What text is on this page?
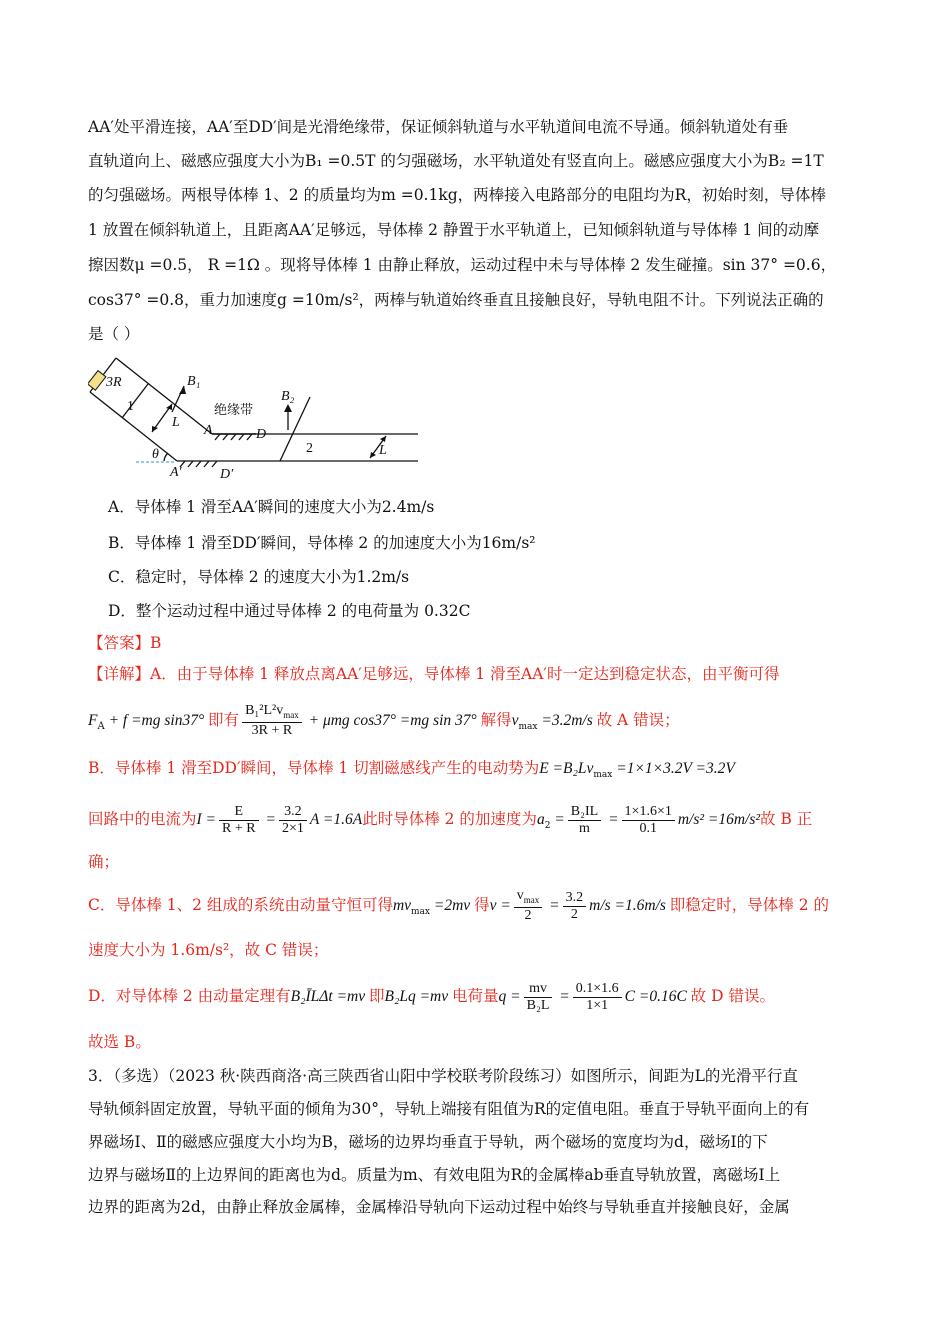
AA′处平滑连接，AA′至DD′间是光滑绝缘带，保证倾斜轨道与水平轨道间电流不导通。倾斜轨道处有垂
直轨道向上、磁感应强度大小为B₁ =0.5T 的匀强磁场，水平轨道处有竖直向上。磁感应强度大小为B₂ =1T
的匀强磁场。两根导体棒 1、2 的质量均为m =0.1kg，两棒接入电路部分的电阻均为R，初始时刻，导体棒
1 放置在倾斜轨道上，且距离AA′足够远，导体棒 2 静置于水平轨道上，已知倾斜轨道与导体棒 1 间的动摩
擦因数μ =0.5， R =1Ω 。现将导体棒 1 由静止释放，运动过程中未与导体棒 2 发生碰撞。sin 37° =0.6，
cos37° =0.8，重力加速度g =10m/s²，两棒与轨道始终垂直且接触良好，导轨电阻不计。下列说法正确的
是（ ）
3R
1
B₁
B₂
绝缘带
L
A	D
2	L
θ
A′	D′
A．导体棒 1 滑至AA′瞬间的速度大小为2.4m/s
B．导体棒 1 滑至DD′瞬间，导体棒 2 的加速度大小为16m/s²
C．稳定时，导体棒 2 的速度大小为1.2m/s
D．整个运动过程中通过导体棒 2 的电荷量为 0.32C
【答案】B
【详解】A．由于导体棒 1 释放点离AA′足够远，导体棒 1 滑至AA′时一定达到稳定状态，由平衡可得
$F_A + f =mg$ sin37° 即有 $\frac{B_1^2L^2v_{max}}{3R + R} + \mu mg$ cos37° =mg sin 37° 解得$v_{max} =3.2m/s$ 故 A 错误；
B．导体棒 1 滑至DD′瞬间，导体棒 1 切割磁感线产生的电动势为$E =B_2Lv_{max} =1\times 1\times 3.2V =3.2V$
回路中的电流为$I = \frac{E}{R + R} = \frac{3.2}{2\times 1}$ A =1.6A此时导体棒 2 的加速度为$a_2 = \frac{\text{B₂IL}}{m} = \frac{1\times 1.6\times 1}{0.1} m/s^2 =16m/s^2$故 B 正
确；
C．导体棒 1、2 组成的系统由动量守恒可得$mv_{max} =2mv$ 得$v = \frac{v_{max}}{2} = \frac{3.2}{2} m/s =1.6m/s$ 即稳定时，导体棒 2 的
速度大小为 1.6m/s²，故 C 错误；
D．对导体棒 2 由动量定理有B₂ĪLΔt =mv 即B₂Lq =mv 电荷量$q = \frac{mv}{\text{B₂L}} = \frac{0.1\times 1.6}{1\times 1}$ C =0.16C 故 D 错误。
故选 B。
3．（多选）（2023 秋·陕西商洛·高三陕西省山阳中学校联考阶段练习）如图所示，间距为L的光滑平行直
导轨倾斜固定放置，导轨平面的倾角为30°，导轨上端接有阻值为R的定值电阻。垂直于导轨平面向上的有
界磁场Ⅰ、Ⅱ的磁感应强度大小均为B，磁场的边界均垂直于导轨，两个磁场的宽度均为d，磁场Ⅰ的下
边界与磁场Ⅱ的上边界间的距离也为d。质量为m、有效电阻为R的金属棒ab垂直导轨放置，离磁场Ⅰ上
边界的距离为2d，由静止释放金属棒，金属棒沿导轨向下运动过程中始终与导轨垂直并接触良好，金属
